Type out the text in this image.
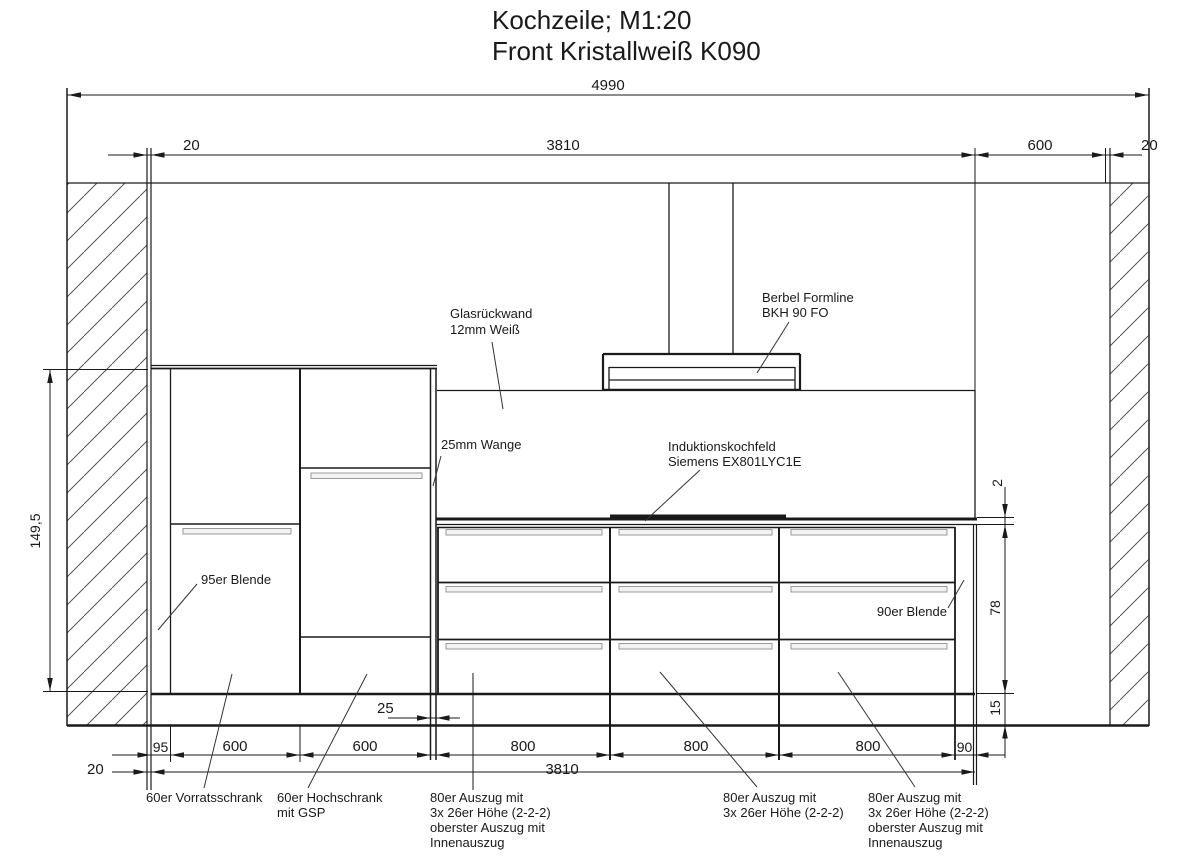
Kochzeile; M1:20
Front Kristallweiß K090
4990
20	3810	600	20
95	600	600
25
800	800	800	90
20	3810
149,5
2
78
15
Glasrückwand
12mm Weiß
25mm Wange
Berbel Formline
BKH 90 FO
Induktionskochfeld
Siemens EX801LYC1E
95er Blende
90er Blende
60er Vorratsschrank 60er Hochschrank
mit GSP
80er Auszug mit
3x 26er Höhe (2-2-2)
oberster Auszug mit
Innenauszug
80er Auszug mit
3x 26er Höhe (2-2-2)
80er Auszug mit
3x 26er Höhe (2-2-2)
oberster Auszug mit
Innenauszug
